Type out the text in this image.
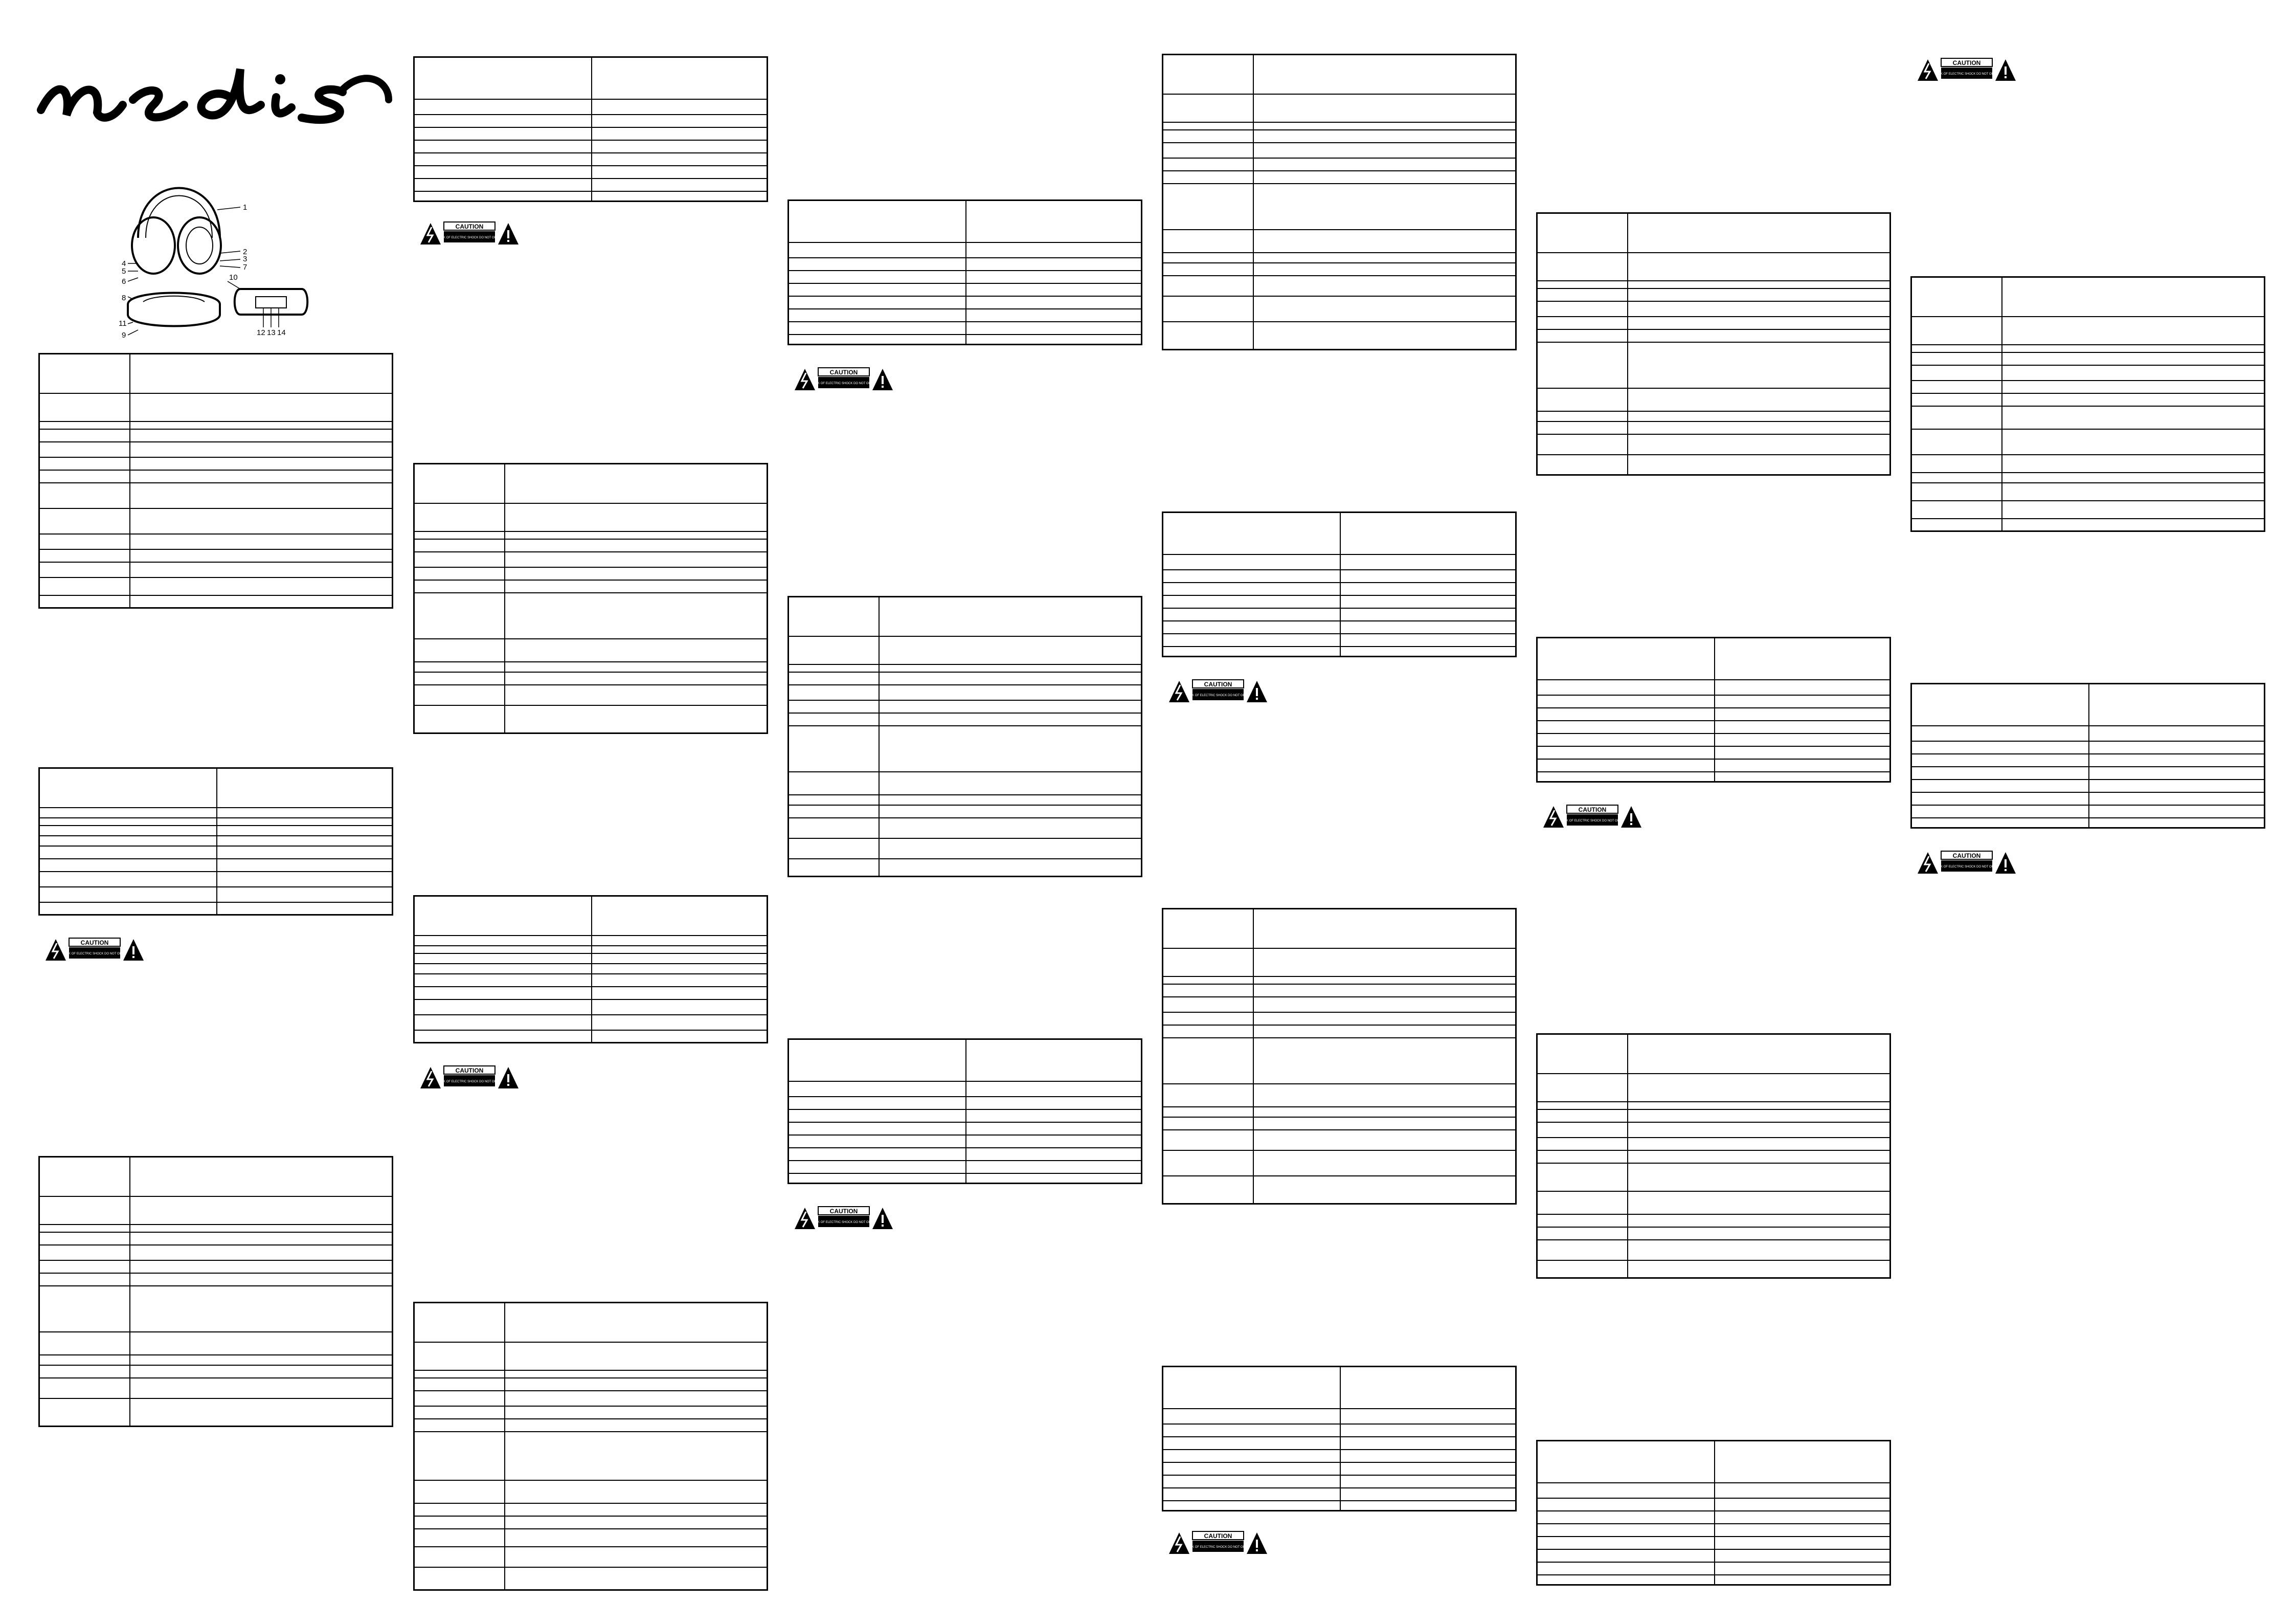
1
2
3
4
5
6
7
8
9
10
11
12 13 14
CAUTION
RISK OF ELECTRIC SHOCK DO NOT OPEN
CAUTION
RISK OF ELECTRIC SHOCK DO NOT OPEN
CAUTION
RISK OF ELECTRIC SHOCK DO NOT OPEN
CAUTION
RISK OF ELECTRIC SHOCK DO NOT OPEN
CAUTION
RISK OF ELECTRIC SHOCK DO NOT OPEN
CAUTION
RISK OF ELECTRIC SHOCK DO NOT OPEN
CAUTION
RISK OF ELECTRIC SHOCK DO NOT OPEN
CAUTION
RISK OF ELECTRIC SHOCK DO NOT OPEN
CAUTION
RISK OF ELECTRIC SHOCK DO NOT OPEN
CAUTION
RISK OF ELECTRIC SHOCK DO NOT OPEN
